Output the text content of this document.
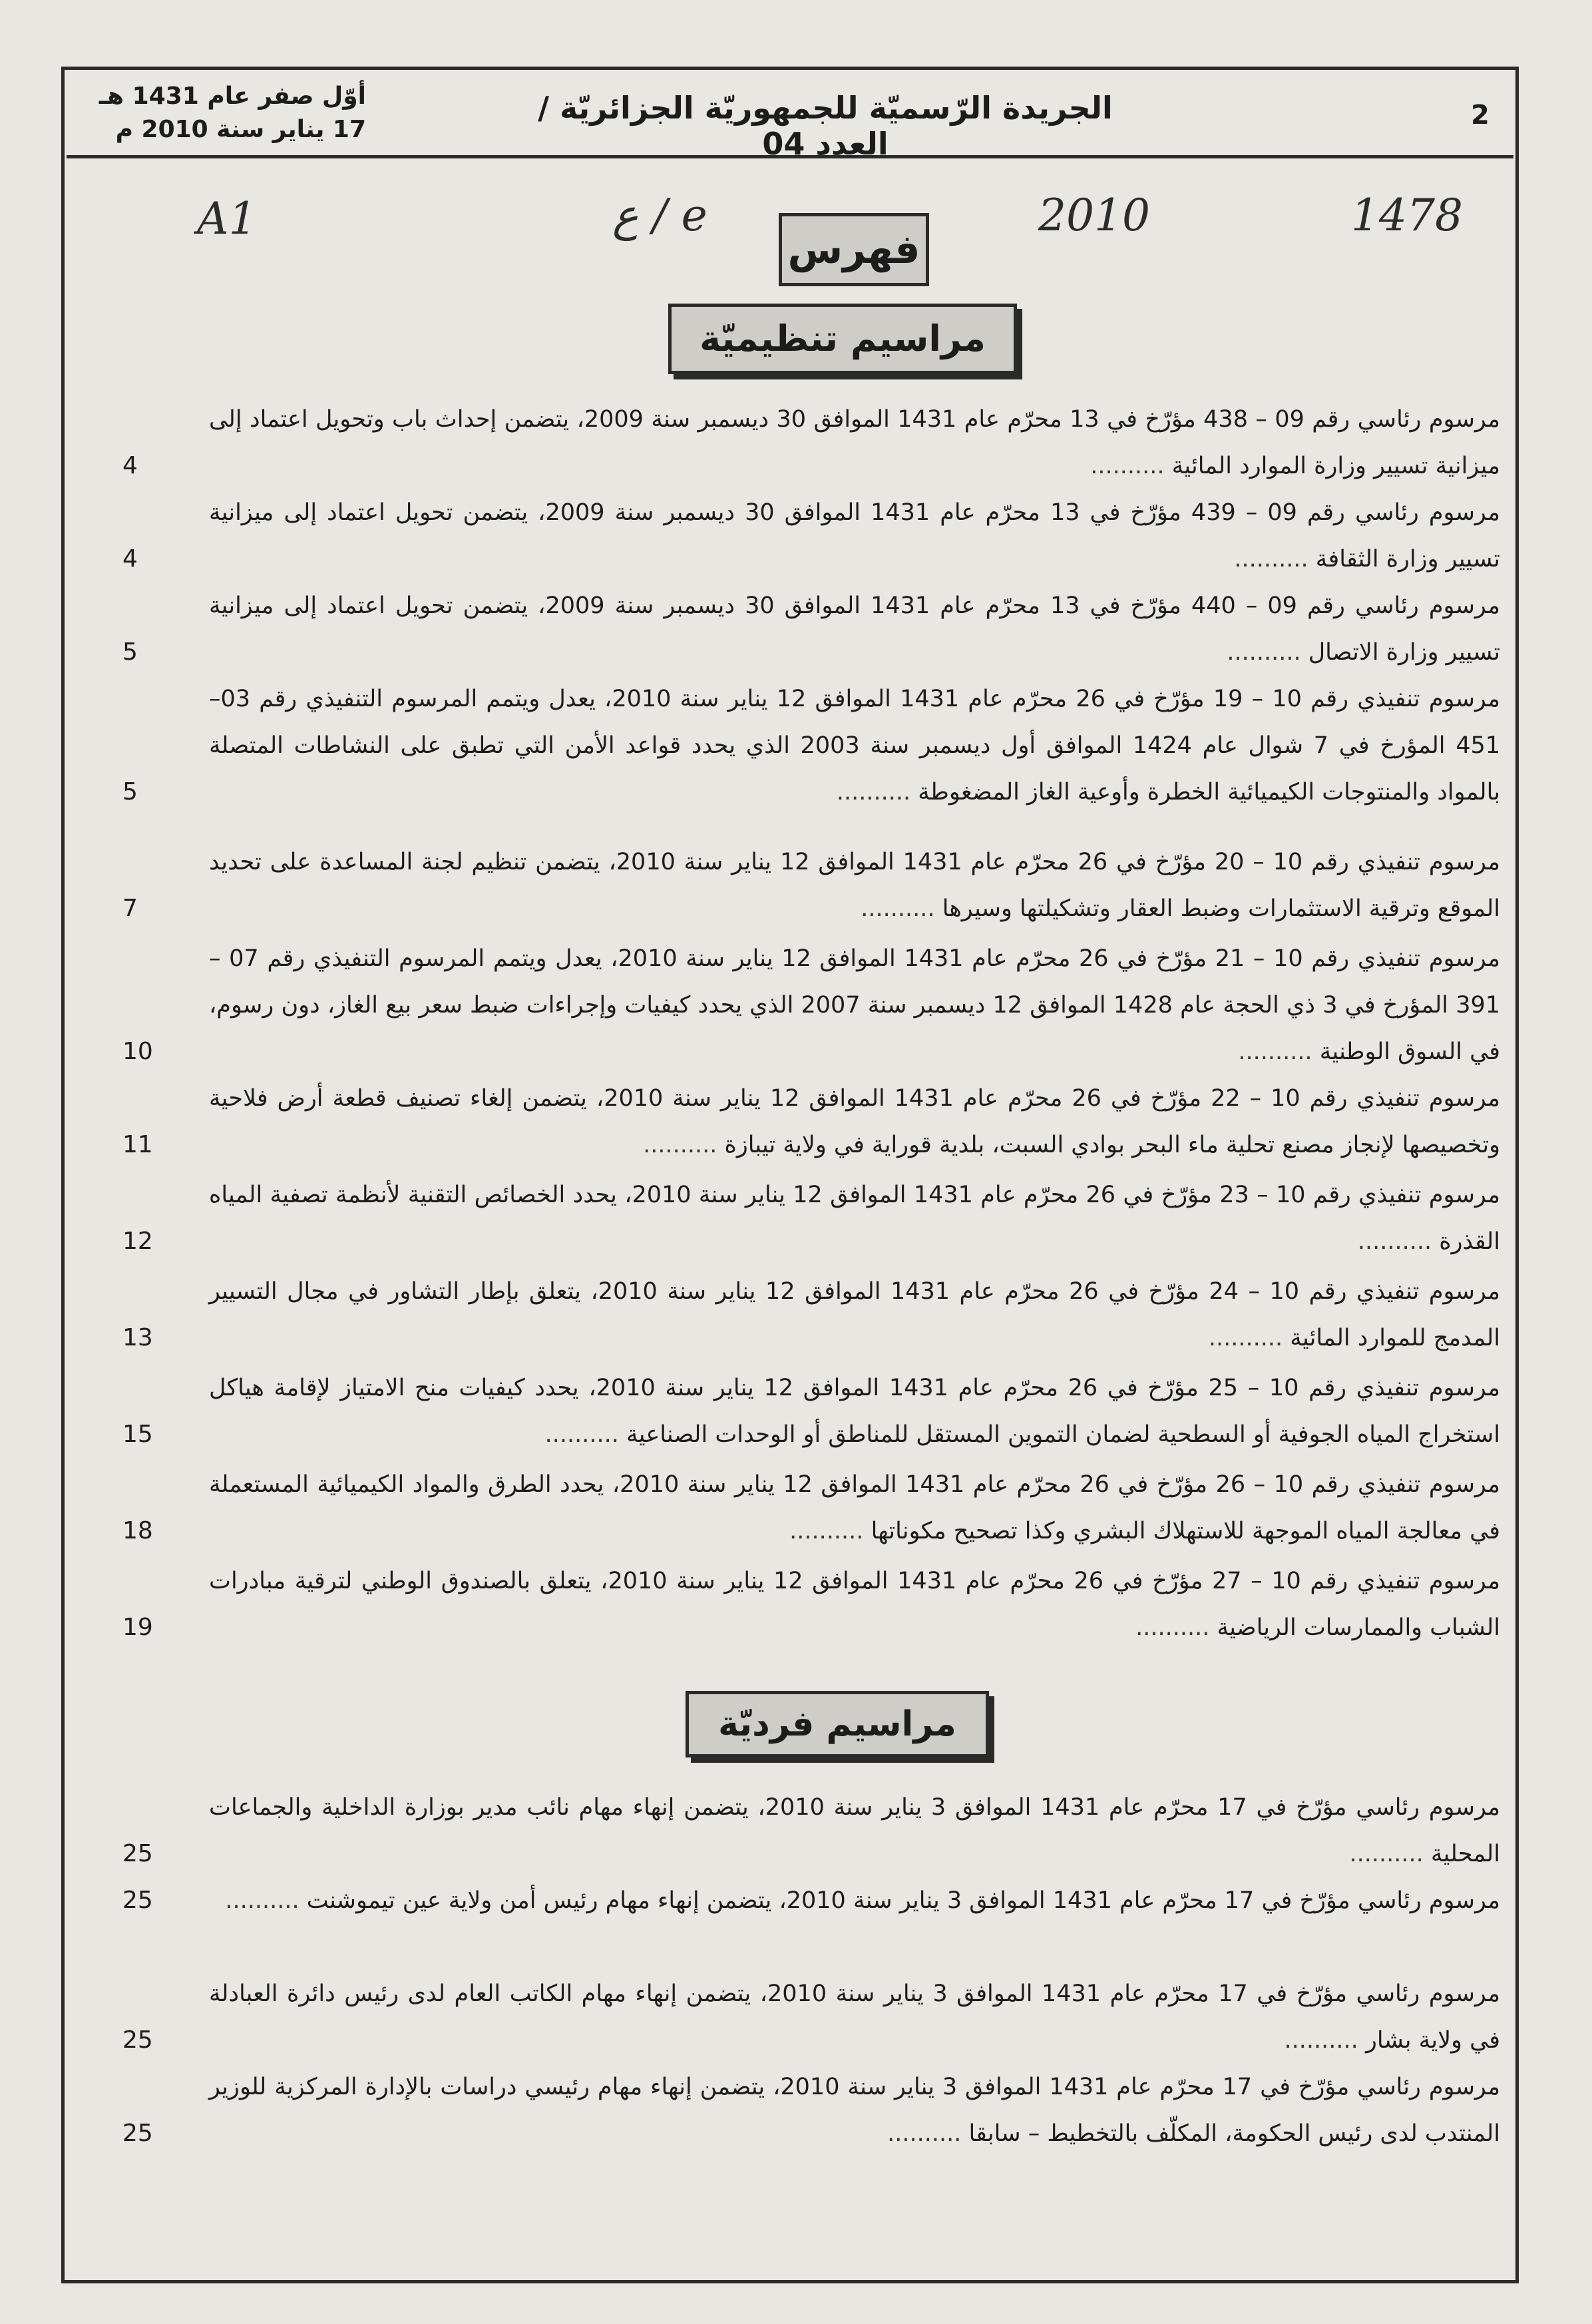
2
الجريدة الرّسميّة للجمهوريّة الجزائريّة / العدد 04
أوّل صفر عام 1431 هـ
17 يناير سنة 2010 م
A1	ع / e	2010	1478
فهرس
مراسيم تنظيميّة
مراسيم فرديّة
مرسوم رئاسي رقم 09 – 438 مؤرّخ في 13 محرّم عام 1431 الموافق 30 ديسمبر سنة 2009، يتضمن إحداث باب وتحويل اعتماد إلى ميزانية تسيير وزارة الموارد المائية ..........
4
مرسوم رئاسي رقم 09 – 439 مؤرّخ في 13 محرّم عام 1431 الموافق 30 ديسمبر سنة 2009، يتضمن تحويل اعتماد إلى ميزانية تسيير وزارة الثقافة ..........
4
مرسوم رئاسي رقم 09 – 440 مؤرّخ في 13 محرّم عام 1431 الموافق 30 ديسمبر سنة 2009، يتضمن تحويل اعتماد إلى ميزانية تسيير وزارة الاتصال ..........
5
مرسوم تنفيذي رقم 10 – 19 مؤرّخ في 26 محرّم عام 1431 الموافق 12 يناير سنة 2010، يعدل ويتمم المرسوم التنفيذي رقم 03–451 المؤرخ في 7 شوال عام 1424 الموافق أول ديسمبر سنة 2003 الذي يحدد قواعد الأمن التي تطبق على النشاطات المتصلة بالمواد والمنتوجات الكيميائية الخطرة وأوعية الغاز المضغوطة ..........
5
مرسوم تنفيذي رقم 10 – 20 مؤرّخ في 26 محرّم عام 1431 الموافق 12 يناير سنة 2010، يتضمن تنظيم لجنة المساعدة على تحديد الموقع وترقية الاستثمارات وضبط العقار وتشكيلتها وسيرها ..........
7
مرسوم تنفيذي رقم 10 – 21 مؤرّخ في 26 محرّم عام 1431 الموافق 12 يناير سنة 2010، يعدل ويتمم المرسوم التنفيذي رقم 07 – 391 المؤرخ في 3 ذي الحجة عام 1428 الموافق 12 ديسمبر سنة 2007 الذي يحدد كيفيات وإجراءات ضبط سعر بيع الغاز، دون رسوم، في السوق الوطنية ..........
10
مرسوم تنفيذي رقم 10 – 22 مؤرّخ في 26 محرّم عام 1431 الموافق 12 يناير سنة 2010، يتضمن إلغاء تصنيف قطعة أرض فلاحية وتخصيصها لإنجاز مصنع تحلية ماء البحر بوادي السبت، بلدية قوراية في ولاية تيبازة ..........
11
مرسوم تنفيذي رقم 10 – 23 مؤرّخ في 26 محرّم عام 1431 الموافق 12 يناير سنة 2010، يحدد الخصائص التقنية لأنظمة تصفية المياه القذرة ..........
12
مرسوم تنفيذي رقم 10 – 24 مؤرّخ في 26 محرّم عام 1431 الموافق 12 يناير سنة 2010، يتعلق بإطار التشاور في مجال التسيير المدمج للموارد المائية ..........
13
مرسوم تنفيذي رقم 10 – 25 مؤرّخ في 26 محرّم عام 1431 الموافق 12 يناير سنة 2010، يحدد كيفيات منح الامتياز لإقامة هياكل استخراج المياه الجوفية أو السطحية لضمان التموين المستقل للمناطق أو الوحدات الصناعية ..........
15
مرسوم تنفيذي رقم 10 – 26 مؤرّخ في 26 محرّم عام 1431 الموافق 12 يناير سنة 2010، يحدد الطرق والمواد الكيميائية المستعملة في معالجة المياه الموجهة للاستهلاك البشري وكذا تصحيح مكوناتها ..........
18
مرسوم تنفيذي رقم 10 – 27 مؤرّخ في 26 محرّم عام 1431 الموافق 12 يناير سنة 2010، يتعلق بالصندوق الوطني لترقية مبادرات الشباب والممارسات الرياضية ..........
19
مرسوم رئاسي مؤرّخ في 17 محرّم عام 1431 الموافق 3 يناير سنة 2010، يتضمن إنهاء مهام نائب مدير بوزارة الداخلية والجماعات المحلية ..........
25
مرسوم رئاسي مؤرّخ في 17 محرّم عام 1431 الموافق 3 يناير سنة 2010، يتضمن إنهاء مهام رئيس أمن ولاية عين تيموشنت ..........
25
مرسوم رئاسي مؤرّخ في 17 محرّم عام 1431 الموافق 3 يناير سنة 2010، يتضمن إنهاء مهام الكاتب العام لدى رئيس دائرة العبادلة في ولاية بشار ..........
25
مرسوم رئاسي مؤرّخ في 17 محرّم عام 1431 الموافق 3 يناير سنة 2010، يتضمن إنهاء مهام رئيسي دراسات بالإدارة المركزية للوزير المنتدب لدى رئيس الحكومة، المكلّف بالتخطيط – سابقا ..........
25
